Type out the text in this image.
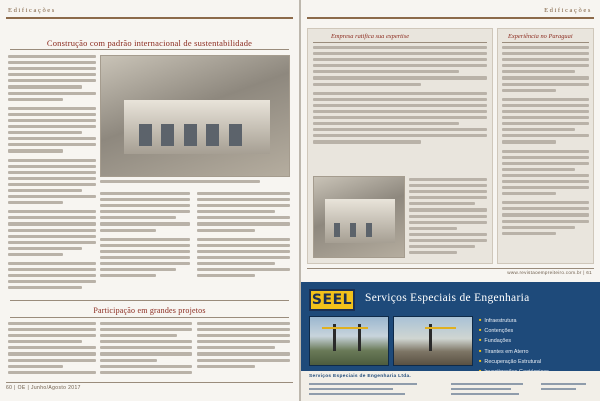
Edificações
Construção com padrão internacional de sustentabilidade
Participação em grandes projetos
60 | OE | Junho/Agosto 2017
Edificações
Empresa ratifica sua expertise	Experiência no Paraguai
www.revistaoempreiteiro.com.br | 61
SEEL Serviços Especiais de Engenharia
■ Infraestrutura
■ Contenções
■ Fundações
■ Tirantes em Aterro
■ Recuperação Estrutural
■
■
Serviços Especiais de Engenharia Ltda.
